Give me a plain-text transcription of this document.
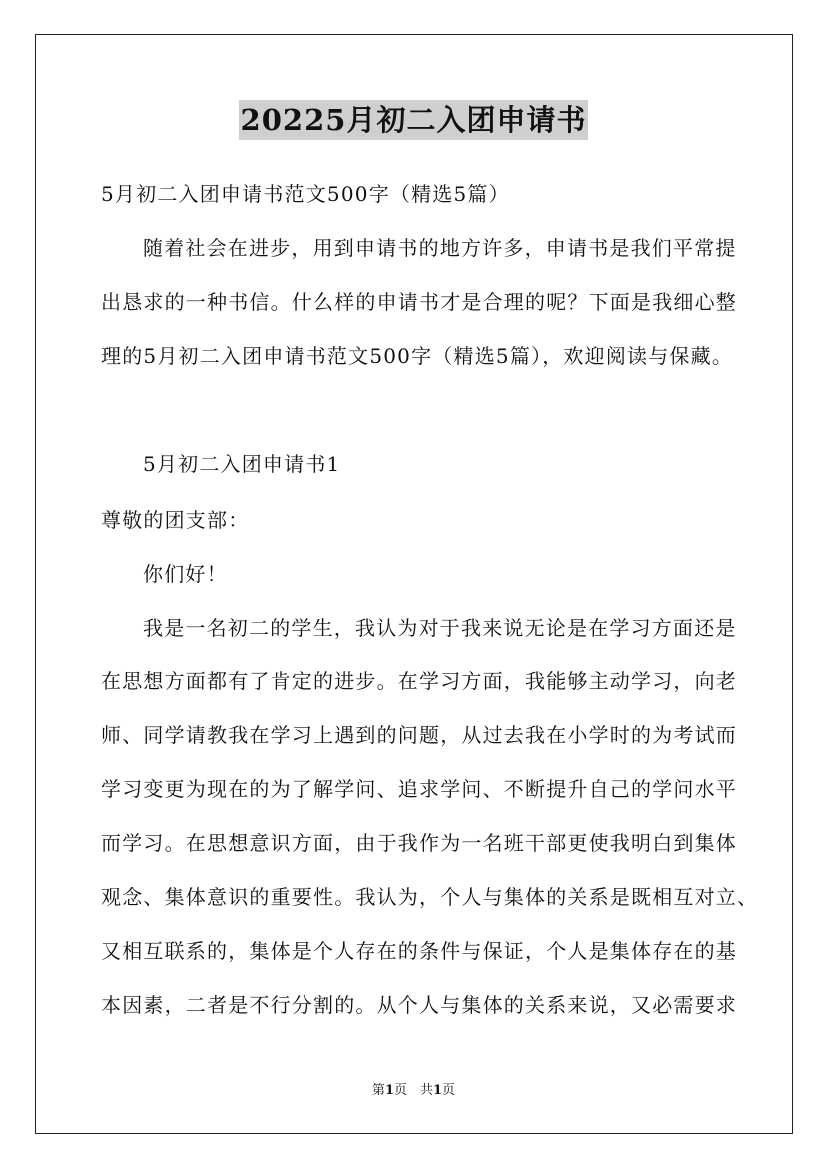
20225月初二入团申请书
5月初二入团申请书范文500字（精选5篇）
随着社会在进步，用到申请书的地方许多，申请书是我们平常提
出恳求的一种书信。什么样的申请书才是合理的呢？下面是我细心整
理的5月初二入团申请书范文500字（精选5篇），欢迎阅读与保藏。
5月初二入团申请书1
尊敬的团支部：
你们好！
我是一名初二的学生，我认为对于我来说无论是在学习方面还是
在思想方面都有了肯定的进步。在学习方面，我能够主动学习，向老
师、同学请教我在学习上遇到的问题，从过去我在小学时的为考试而
学习变更为现在的为了解学问、追求学问、不断提升自己的学问水平
而学习。在思想意识方面，由于我作为一名班干部更使我明白到集体
观念、集体意识的重要性。我认为，个人与集体的关系是既相互对立、
又相互联系的，集体是个人存在的条件与保证，个人是集体存在的基
本因素，二者是不行分割的。从个人与集体的关系来说，又必需要求
第1页　共1页
